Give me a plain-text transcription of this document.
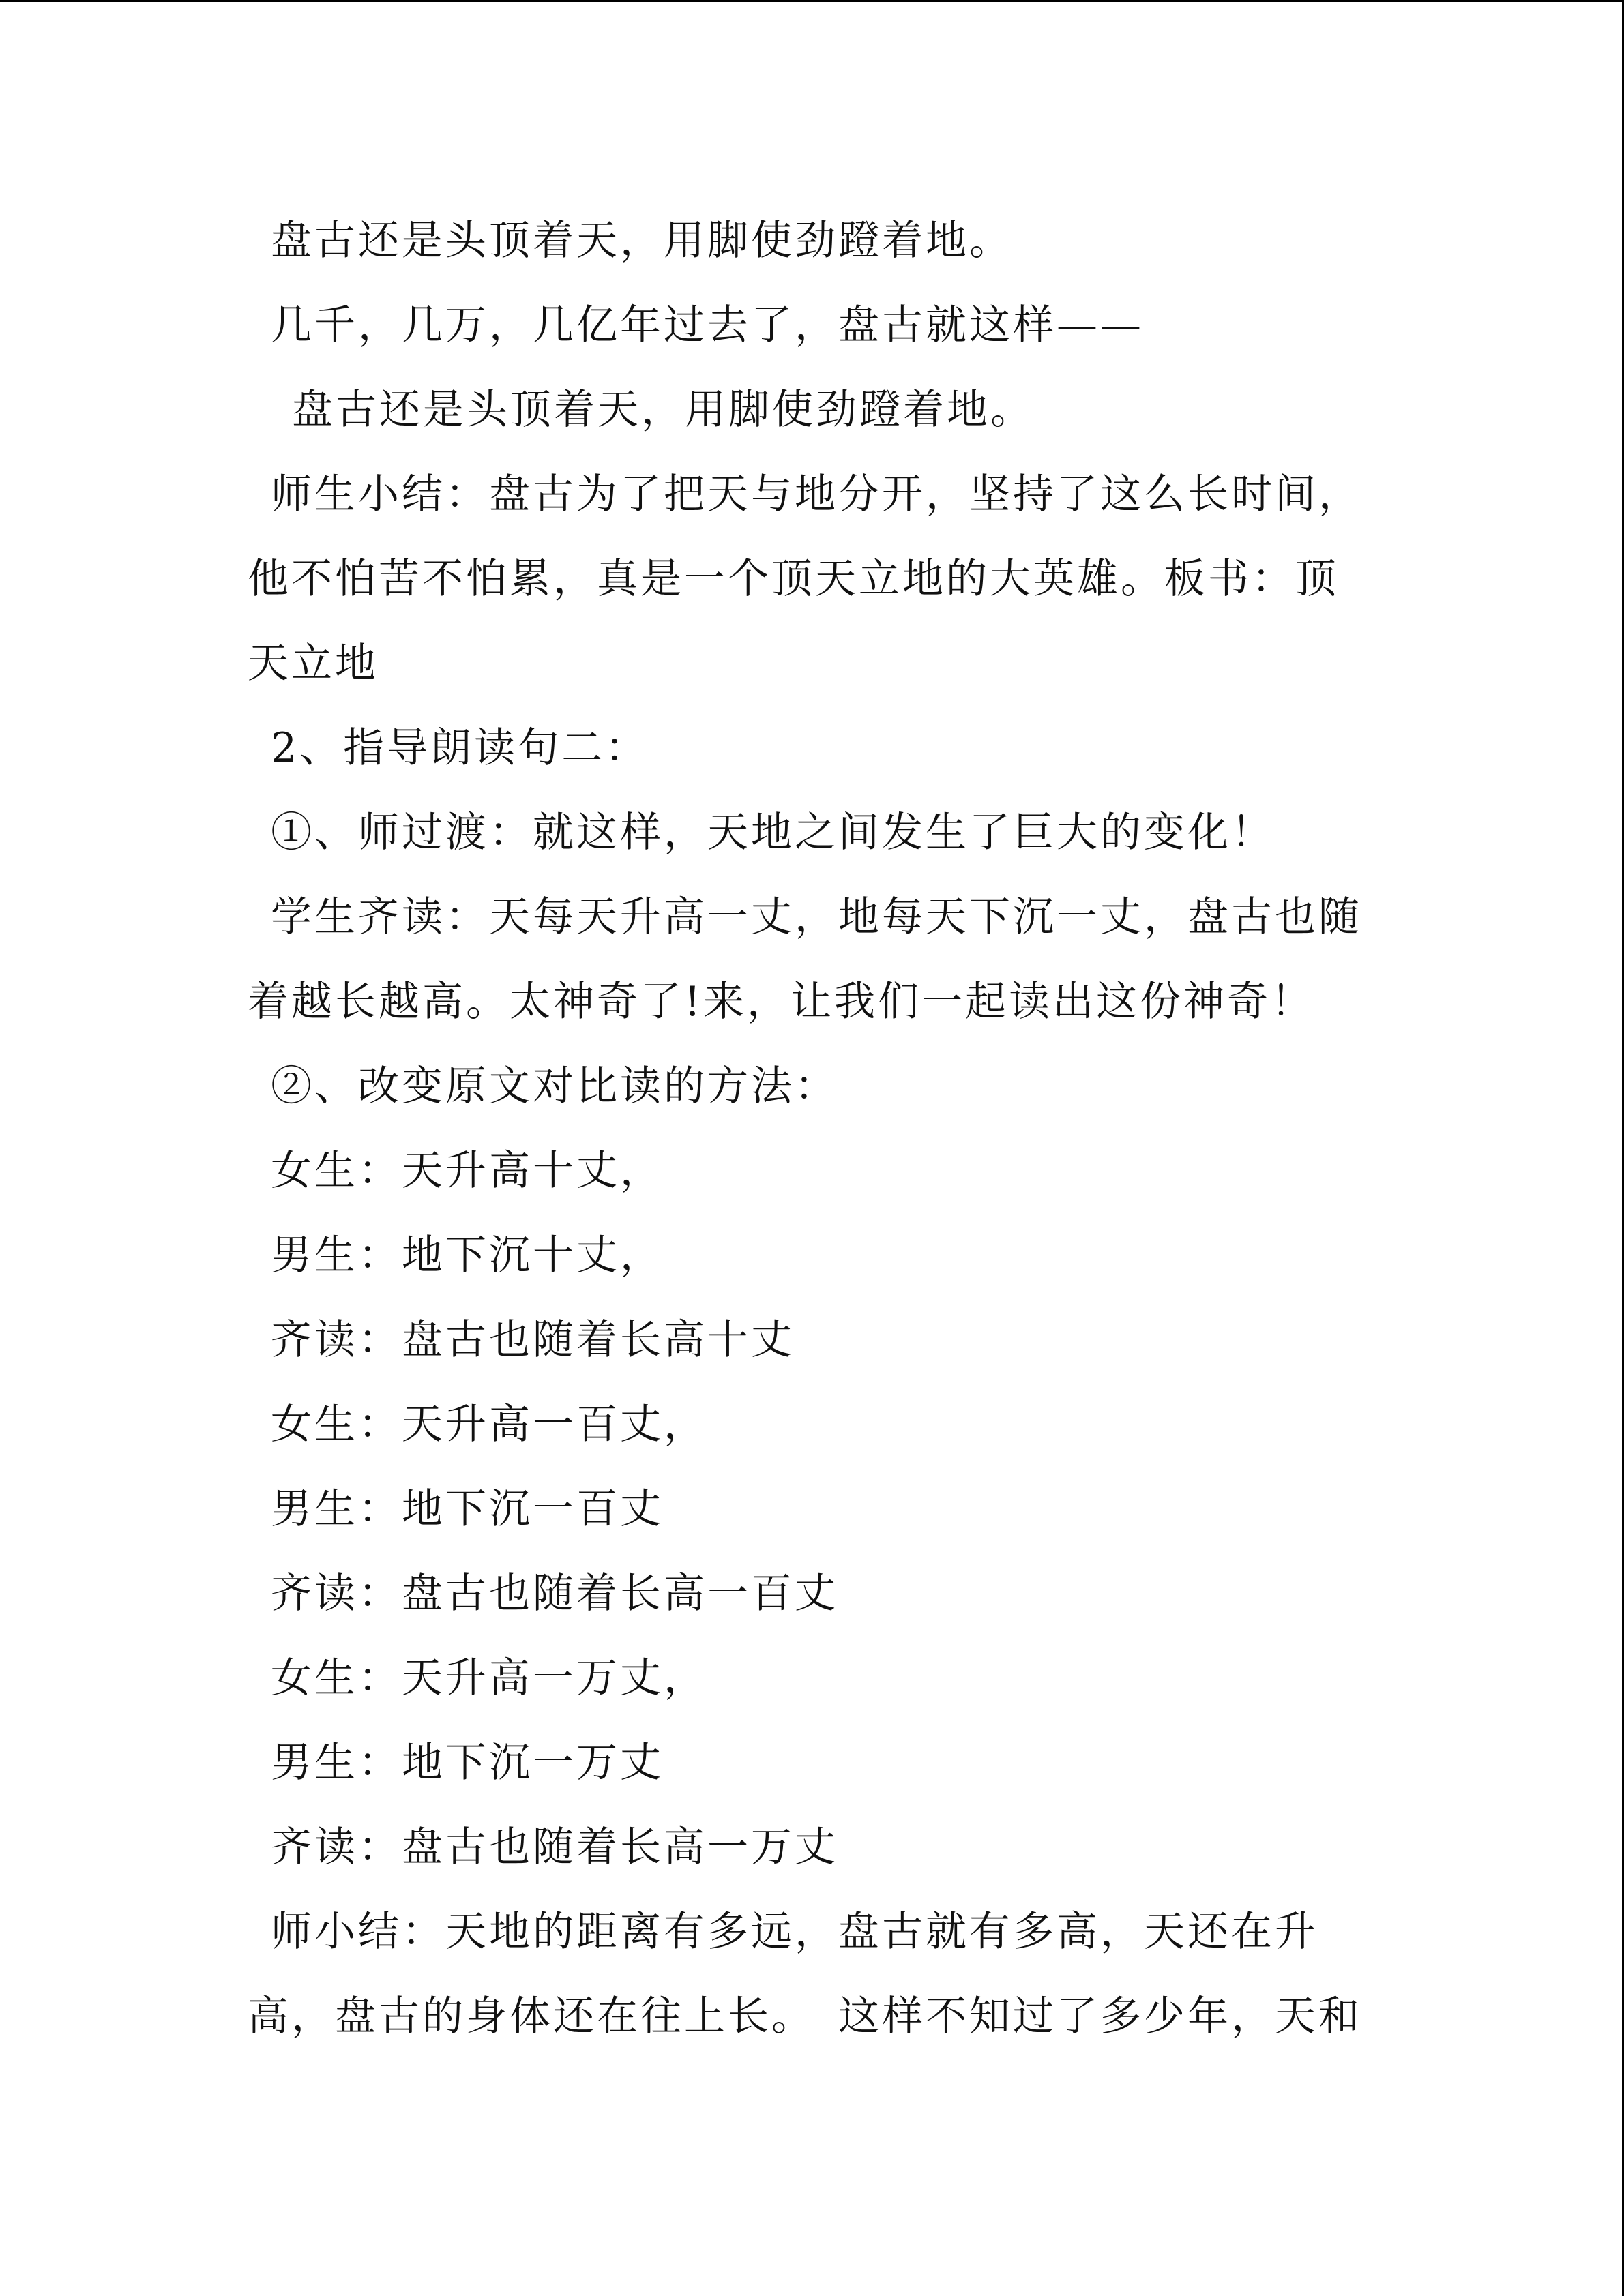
盘古还是头顶着天，用脚使劲蹬着地。
几千，几万，几亿年过去了，盘古就这样——
盘古还是头顶着天，用脚使劲蹬着地。
师生小结：盘古为了把天与地分开，坚持了这么长时间，
他不怕苦不怕累，真是一个顶天立地的大英雄。板书：顶
天立地
2、指导朗读句二：
①、师过渡：就这样，天地之间发生了巨大的变化！
学生齐读：天每天升高一丈，地每天下沉一丈，盘古也随
着越长越高。太神奇了!来，让我们一起读出这份神奇！
②、改变原文对比读的方法：
女生：天升高十丈，
男生：地下沉十丈，
齐读：盘古也随着长高十丈
女生：天升高一百丈，
男生：地下沉一百丈
齐读：盘古也随着长高一百丈
女生：天升高一万丈，
男生：地下沉一万丈
齐读：盘古也随着长高一万丈
师小结：天地的距离有多远，盘古就有多高，天还在升
高，盘古的身体还在往上长。　这样不知过了多少年，天和
